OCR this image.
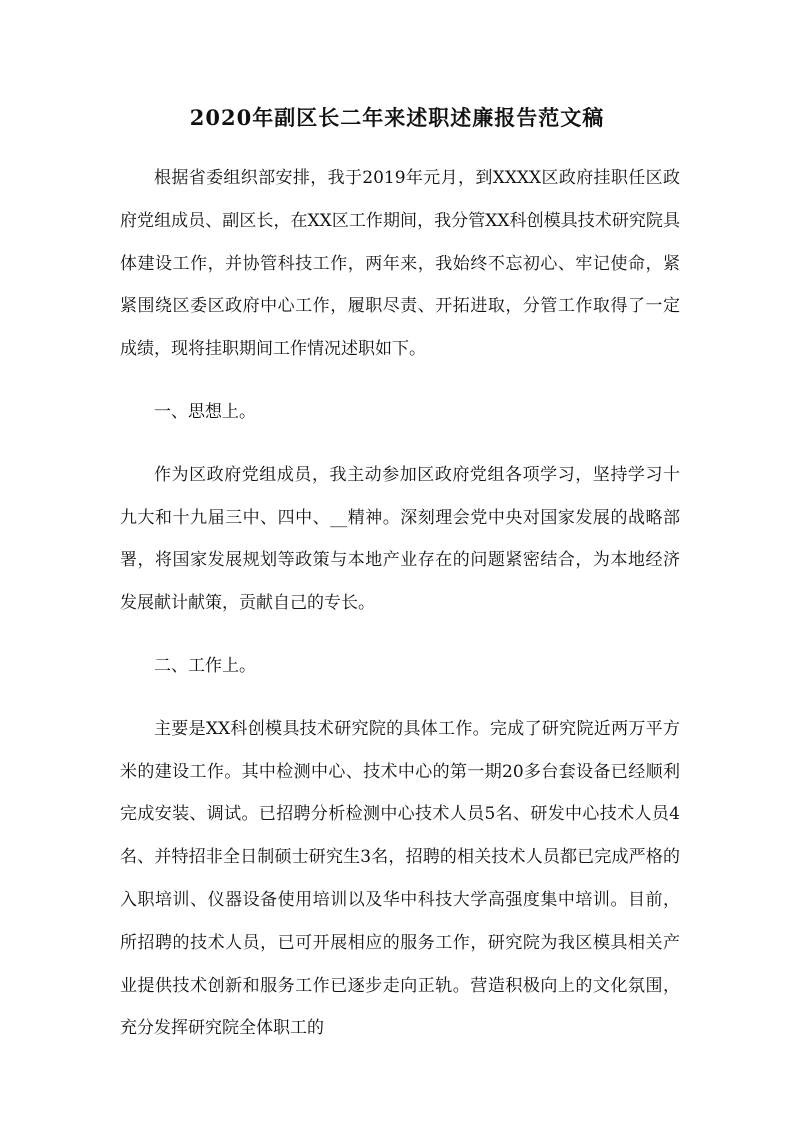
2020年副区长二年来述职述廉报告范文稿

根据省委组织部安排，我于2019年元月，到XXXX区政府挂职任区政府党组成员、副区长，在XX区工作期间，我分管XX科创模具技术研究院具体建设工作，并协管科技工作，两年来，我始终不忘初心、牢记使命，紧紧围绕区委区政府中心工作，履职尽责、开拓进取，分管工作取得了一定成绩，现将挂职期间工作情况述职如下。

一、思想上。

作为区政府党组成员，我主动参加区政府党组各项学习，坚持学习十九大和十九届三中、四中、__精神。深刻理会党中央对国家发展的战略部署，将国家发展规划等政策与本地产业存在的问题紧密结合，为本地经济发展献计献策，贡献自己的专长。

二、工作上。

主要是XX科创模具技术研究院的具体工作。完成了研究院近两万平方米的建设工作。其中检测中心、技术中心的第一期20多台套设备已经顺利完成安装、调试。已招聘分析检测中心技术人员5名、研发中心技术人员4名、并特招非全日制硕士研究生3名，招聘的相关技术人员都已完成严格的入职培训、仪器设备使用培训以及华中科技大学高强度集中培训。目前，所招聘的技术人员，已可开展相应的服务工作，研究院为我区模具相关产业提供技术创新和服务工作已逐步走向正轨。营造积极向上的文化氛围，充分发挥研究院全体职工的
